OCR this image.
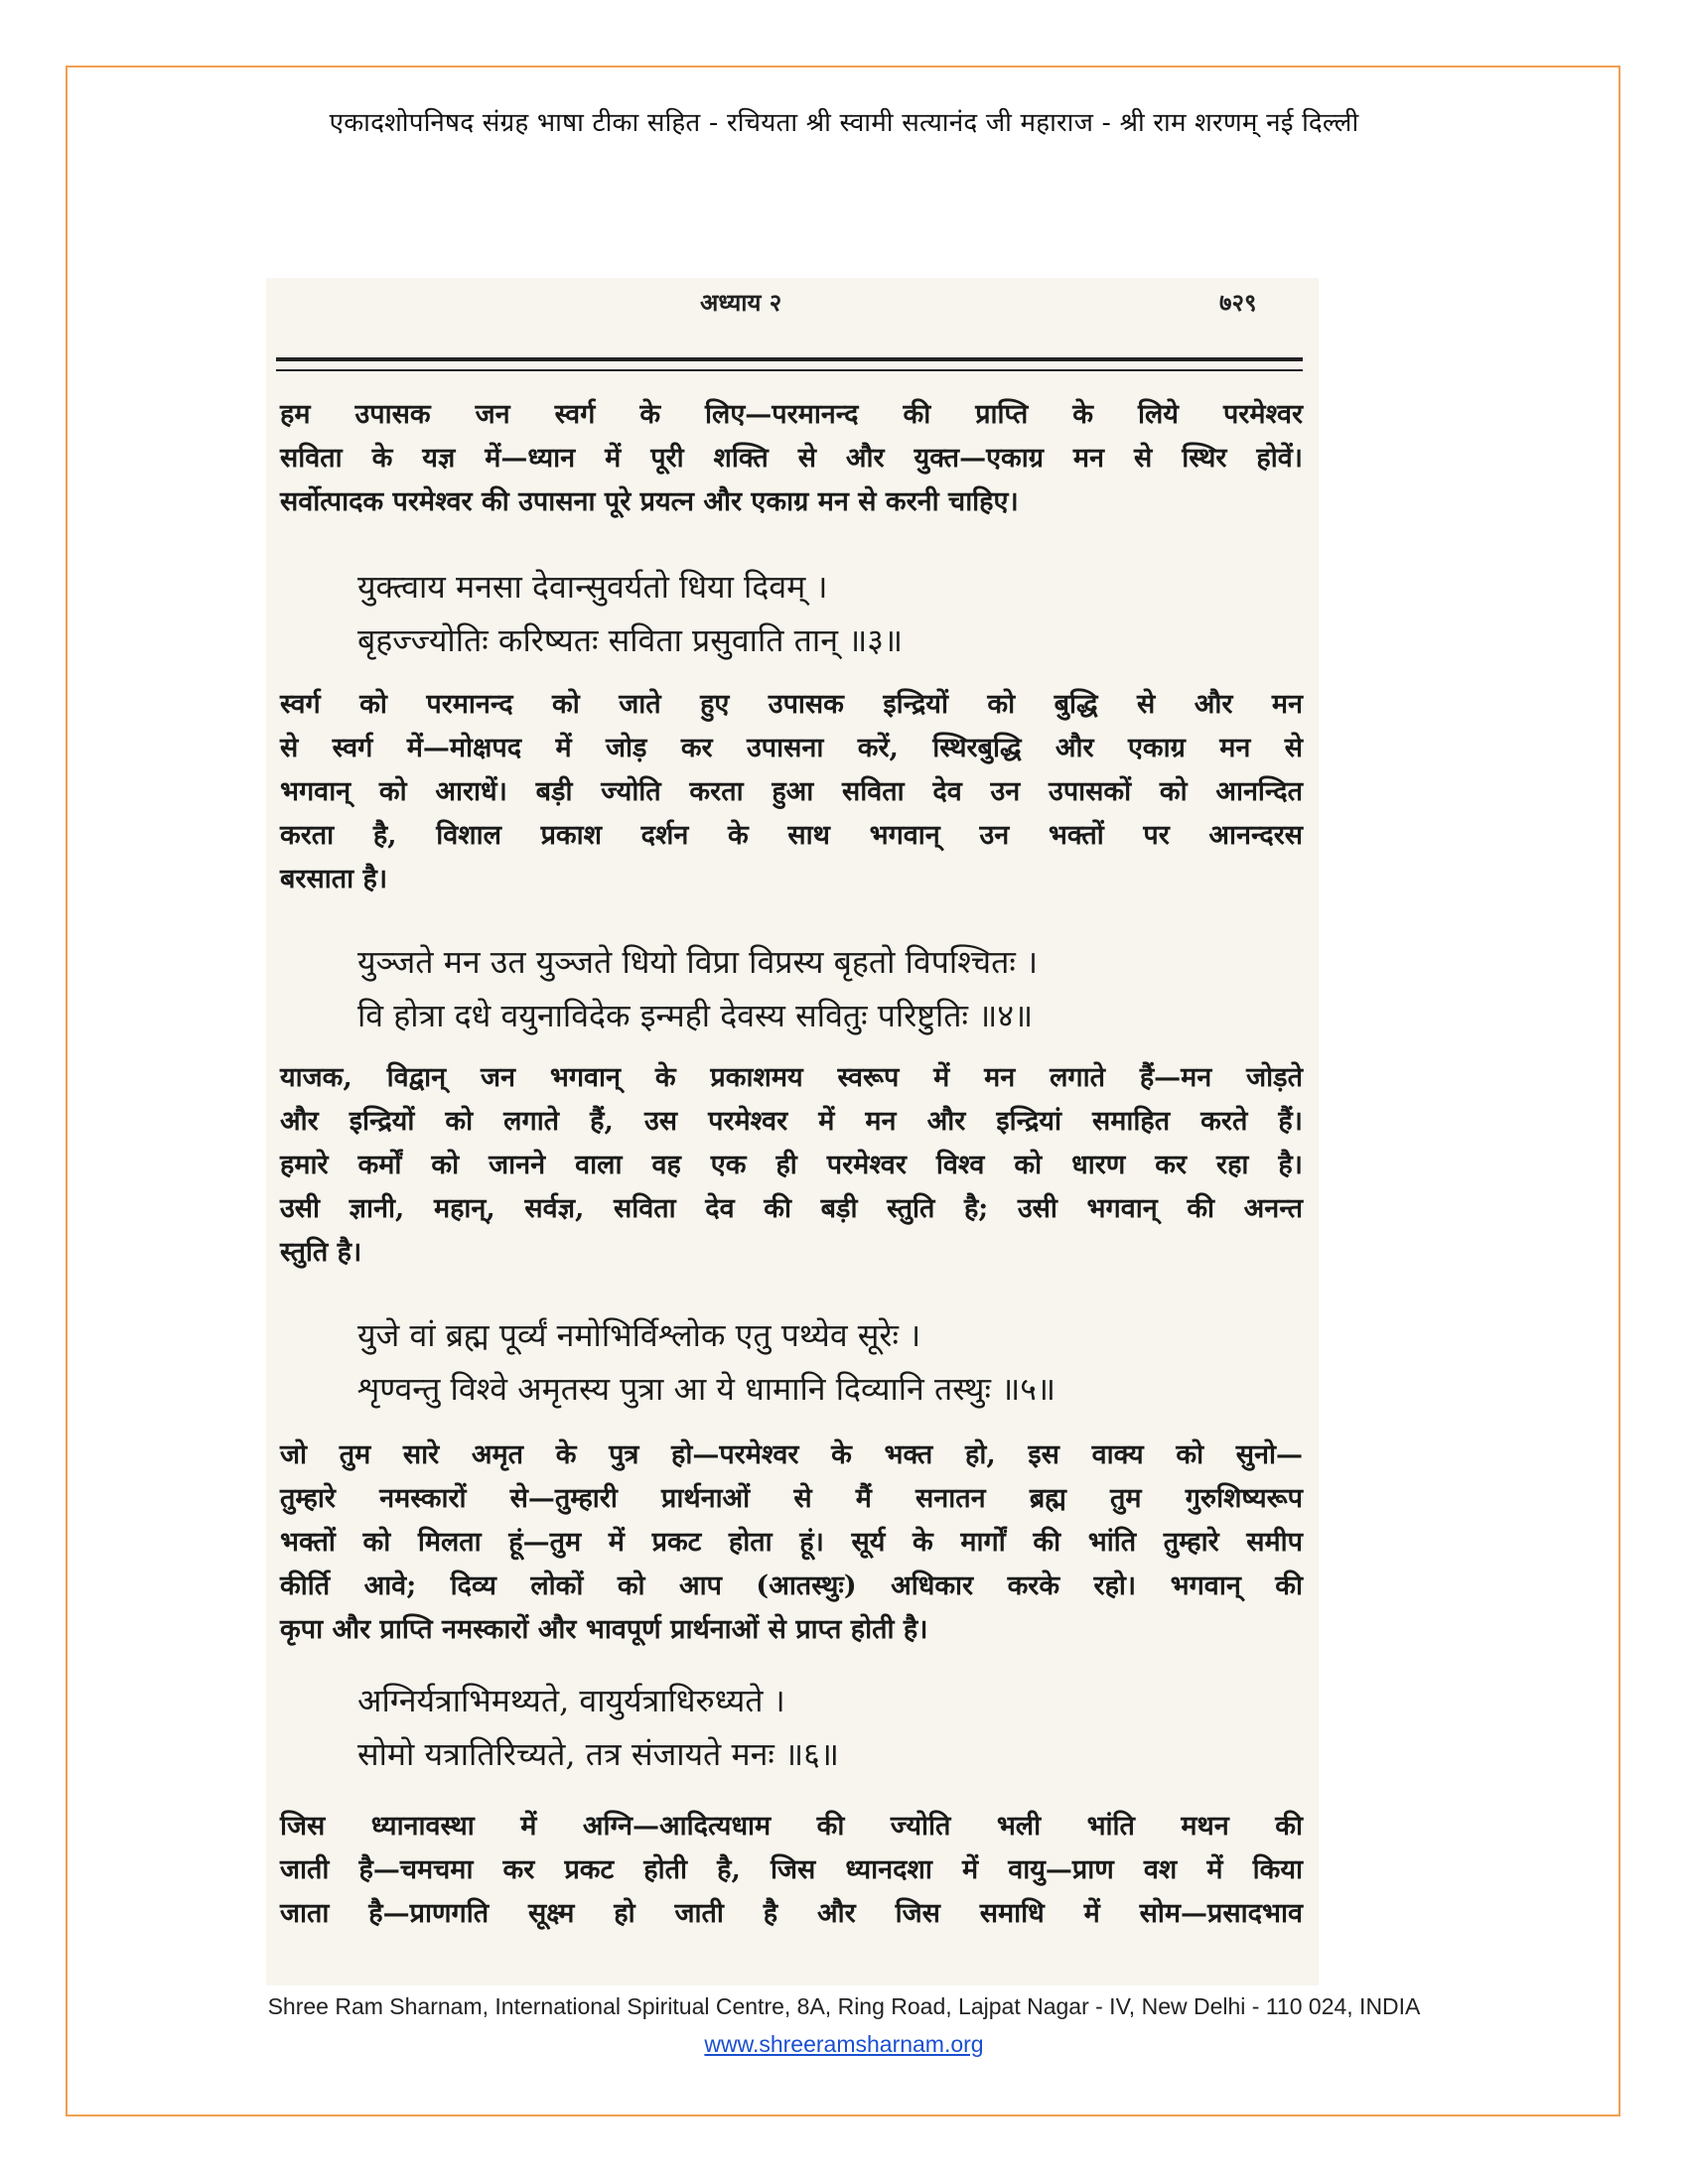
एकादशोपनिषद संग्रह भाषा टीका सहित - रचियता श्री स्वामी सत्यानंद जी महाराज - श्री राम शरणम् नई दिल्ली
अध्याय २	७२९
हम उपासक जन स्वर्ग के लिए—परमानन्द की प्राप्ति के लिये परमेश्वर
सविता के यज्ञ में—ध्यान में पूरी शक्ति से और युक्त—एकाग्र मन से स्थिर होवें।
सर्वोत्पादक परमेश्वर की उपासना पूरे प्रयत्न और एकाग्र मन से करनी चाहिए।
युक्त्वाय मनसा देवान्सुवर्यतो धिया दिवम् ।
बृहज्ज्योतिः करिष्यतः सविता प्रसुवाति तान् ॥३॥
स्वर्ग को परमानन्द को जाते हुए उपासक इन्द्रियों को बुद्धि से और मन
से स्वर्ग में—मोक्षपद में जोड़ कर उपासना करें, स्थिरबुद्धि और एकाग्र मन से
भगवान् को आराधें। बड़ी ज्योति करता हुआ सविता देव उन उपासकों को आनन्दित
करता है, विशाल प्रकाश दर्शन के साथ भगवान् उन भक्तों पर आनन्दरस
बरसाता है।
युञ्जते मन उत युञ्जते धियो विप्रा विप्रस्य बृहतो विपश्चितः ।
वि होत्रा दधे वयुनाविदेक इन्मही देवस्य सवितुः परिष्टुतिः ॥४॥
याजक, विद्वान् जन भगवान् के प्रकाशमय स्वरूप में मन लगाते हैं—मन जोड़ते
और इन्द्रियों को लगाते हैं, उस परमेश्वर में मन और इन्द्रियां समाहित करते हैं।
हमारे कर्मों को जानने वाला वह एक ही परमेश्वर विश्व को धारण कर रहा है।
उसी ज्ञानी, महान्, सर्वज्ञ, सविता देव की बड़ी स्तुति है; उसी भगवान् की अनन्त
स्तुति है।
युजे वां ब्रह्म पूर्व्यं नमोभिर्विश्लोक एतु पथ्येव सूरेः ।
शृण्वन्तु विश्वे अमृतस्य पुत्रा आ ये धामानि दिव्यानि तस्थुः ॥५॥
जो तुम सारे अमृत के पुत्र हो—परमेश्वर के भक्त हो, इस वाक्य को सुनो—
तुम्हारे नमस्कारों से—तुम्हारी प्रार्थनाओं से मैं सनातन ब्रह्म तुम गुरुशिष्यरूप
भक्तों को मिलता हूं—तुम में प्रकट होता हूं। सूर्य के मार्गों की भांति तुम्हारे समीप
कीर्ति आवे; दिव्य लोकों को आप (आतस्थुः) अधिकार करके रहो। भगवान् की
कृपा और प्राप्ति नमस्कारों और भावपूर्ण प्रार्थनाओं से प्राप्त होती है।
अग्निर्यत्राभिमथ्यते, वायुर्यत्राधिरुध्यते ।
सोमो यत्रातिरिच्यते, तत्र संजायते मनः ॥६॥
जिस ध्यानावस्था में अग्नि—आदित्यधाम की ज्योति भली भांति मथन की
जाती है—चमचमा कर प्रकट होती है, जिस ध्यानदशा में वायु—प्राण वश में किया
जाता है—प्राणगति सूक्ष्म हो जाती है और जिस समाधि में सोम—प्रसादभाव
Shree Ram Sharnam, International Spiritual Centre, 8A, Ring Road, Lajpat Nagar - IV, New Delhi - 110 024, INDIA
www.shreeramsharnam.org
